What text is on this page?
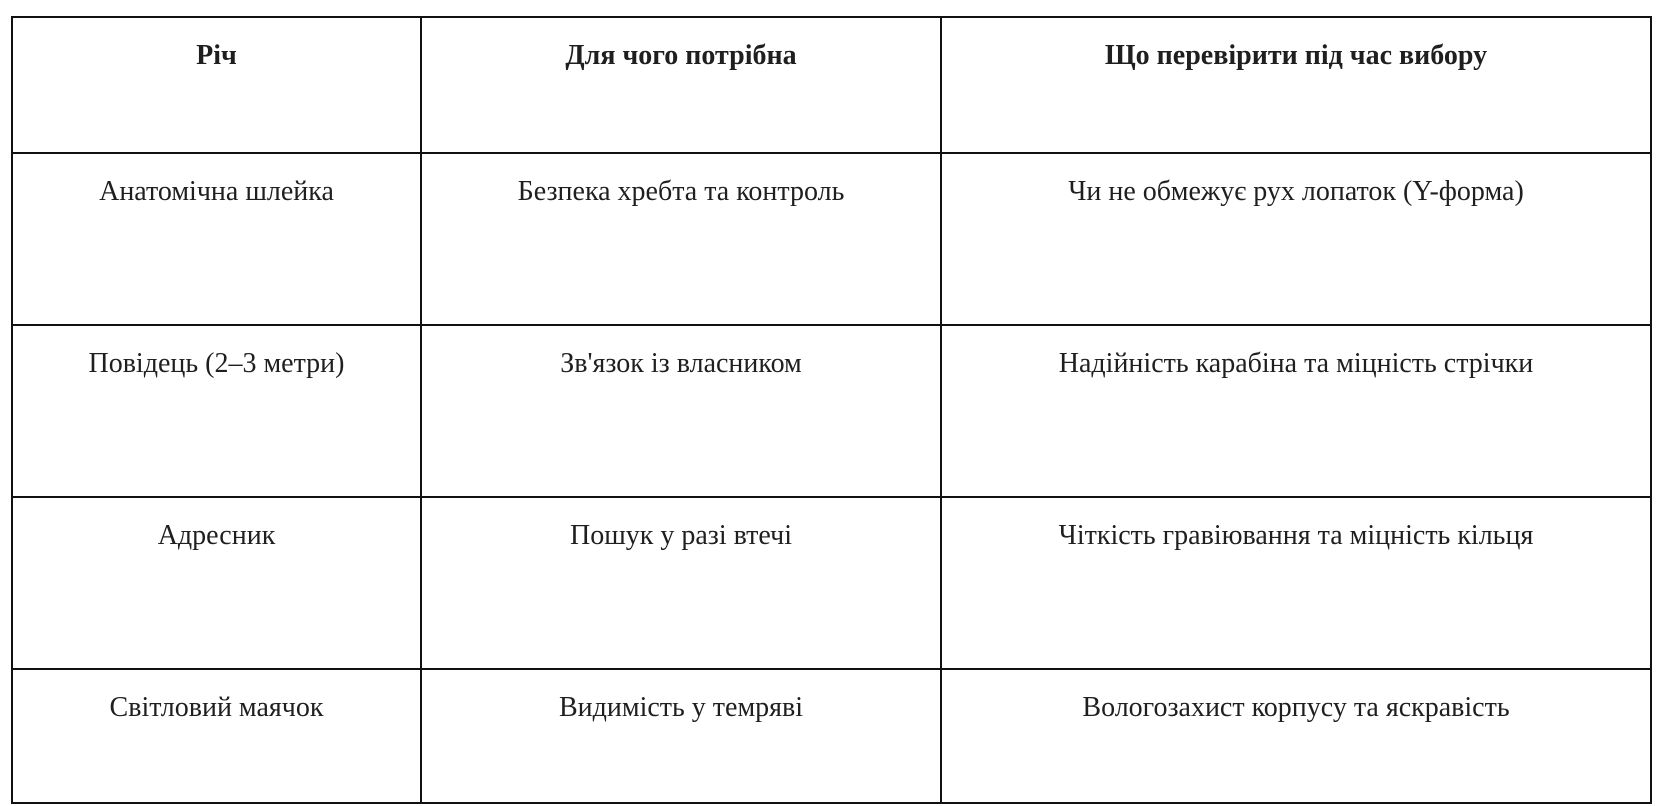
Річ	Для чого потрібна	Що перевірити під час вибору
Анатомічна шлейка	Безпека хребта та контроль	Чи не обмежує рух лопаток (Y-форма)
Повідець (2–3 метри)	Зв'язок із власником	Надійність карабіна та міцність стрічки
Адресник	Пошук у разі втечі	Чіткість гравіювання та міцність кільця
Світловий маячок	Видимість у темряві	Вологозахист корпусу та яскравість
